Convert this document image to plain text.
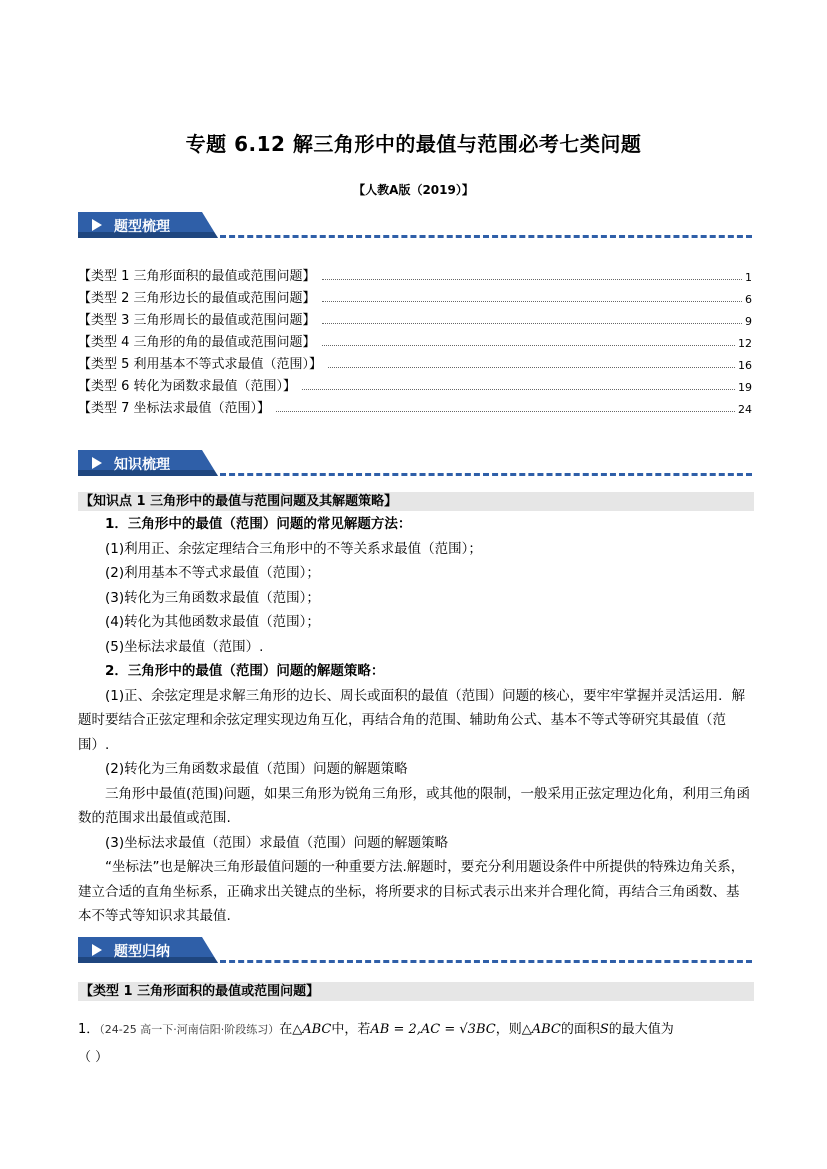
专题 6.12 解三角形中的最值与范围必考七类问题
【人教A版（2019）】
题型梳理
【类型 1 三角形面积的最值或范围问题】	1
【类型 2 三角形边长的最值或范围问题】	6
【类型 3 三角形周长的最值或范围问题】	9
【类型 4 三角形的角的最值或范围问题】	12
【类型 5 利用基本不等式求最值（范围）】	16
【类型 6 转化为函数求最值（范围）】	19
【类型 7 坐标法求最值（范围）】	24
知识梳理
【知识点 1 三角形中的最值与范围问题及其解题策略】

1．三角形中的最值（范围）问题的常见解题方法：

(1)利用正、余弦定理结合三角形中的不等关系求最值（范围）；

(2)利用基本不等式求最值（范围）；

(3)转化为三角函数求最值（范围）；

(4)转化为其他函数求最值（范围）；

(5)坐标法求最值（范围）.

2．三角形中的最值（范围）问题的解题策略：

(1)正、余弦定理是求解三角形的边长、周长或面积的最值（范围）问题的核心，要牢牢掌握并灵活运用．解题时要结合正弦定理和余弦定理实现边角互化，再结合角的范围、辅助角公式、基本不等式等研究其最值（范围）.

(2)转化为三角函数求最值（范围）问题的解题策略

三角形中最值(范围)问题，如果三角形为锐角三角形，或其他的限制，一般采用正弦定理边化角，利用三角函数的范围求出最值或范围.

(3)坐标法求最值（范围）求最值（范围）问题的解题策略

“坐标法”也是解决三角形最值问题的一种重要方法.解题时，要充分利用题设条件中所提供的特殊边角关系，建立合适的直角坐标系，正确求出关键点的坐标，将所要求的目标式表示出来并合理化简，再结合三角函数、基本不等式等知识求其最值.

题型归纳
【类型 1 三角形面积的最值或范围问题】
1．（24-25 高一下·河南信阳·阶段练习）在△ABC中，若AB = 2,AC = √3BC，则△ABC的面积S的最大值为
（ ）
